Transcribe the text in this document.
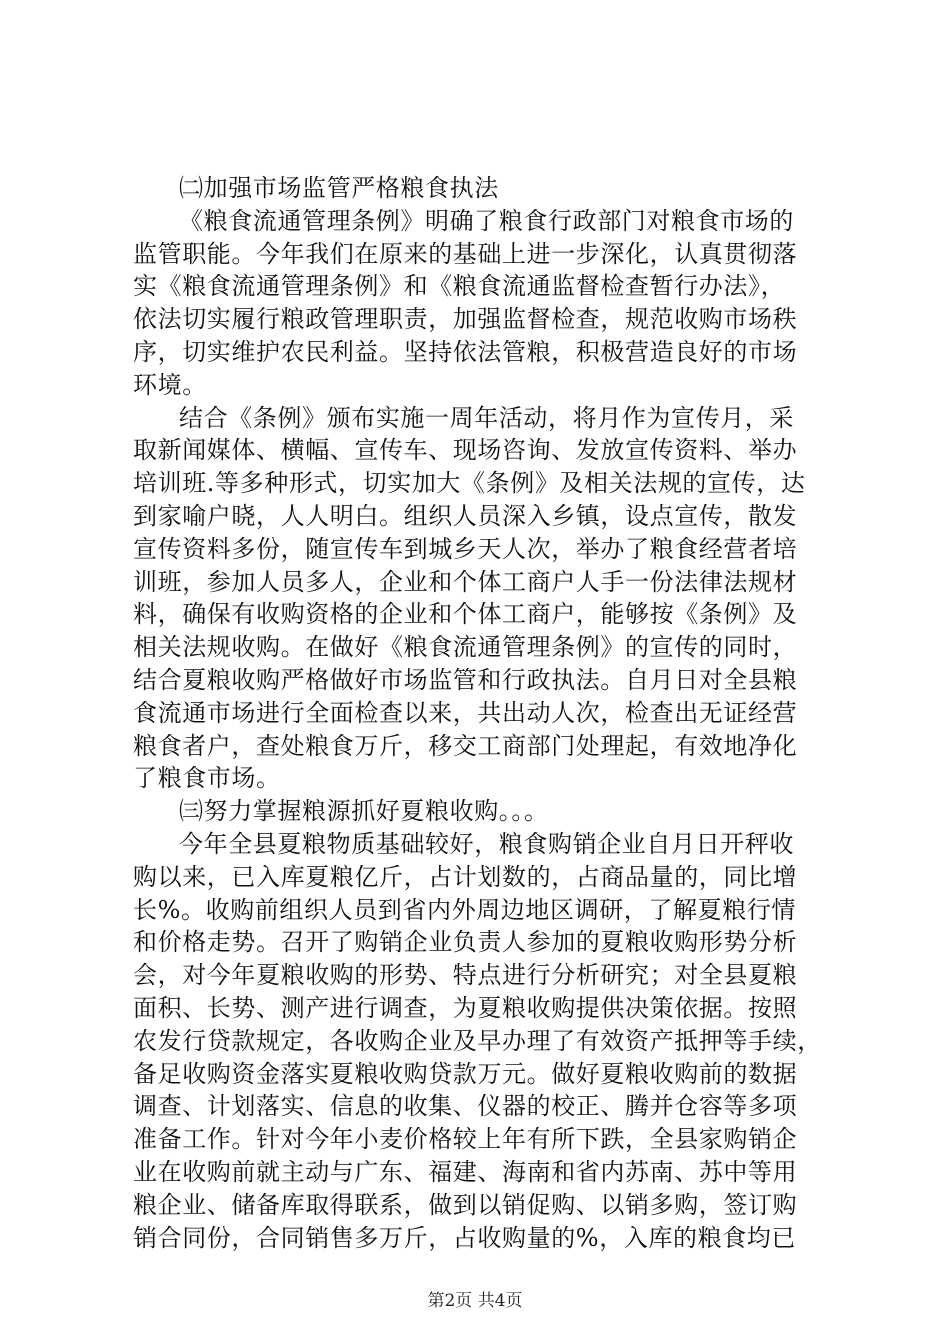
㈡加强市场监管严格粮食执法

《粮食流通管理条例》明确了粮食行政部门对粮食市场的
监管职能。今年我们在原来的基础上进一步深化，认真贯彻落
实《粮食流通管理条例》和《粮食流通监督检查暂行办法》，
依法切实履行粮政管理职责，加强监督检查，规范收购市场秩
序，切实维护农民利益。坚持依法管粮，积极营造良好的市场
环境。

结合《条例》颁布实施一周年活动，将月作为宣传月，采
取新闻媒体、横幅、宣传车、现场咨询、发放宣传资料、举办
培训班.等多种形式，切实加大《条例》及相关法规的宣传，达
到家喻户晓，人人明白。组织人员深入乡镇，设点宣传，散发
宣传资料多份，随宣传车到城乡天人次，举办了粮食经营者培
训班，参加人员多人，企业和个体工商户人手一份法律法规材
料，确保有收购资格的企业和个体工商户，能够按《条例》及
相关法规收购。在做好《粮食流通管理条例》的宣传的同时，
结合夏粮收购严格做好市场监管和行政执法。自月日对全县粮
食流通市场进行全面检查以来，共出动人次，检查出无证经营
粮食者户，查处粮食万斤，移交工商部门处理起，有效地净化
了粮食市场。

㈢努力掌握粮源抓好夏粮收购。。。

今年全县夏粮物质基础较好，粮食购销企业自月日开秤收
购以来，已入库夏粮亿斤，占计划数的，占商品量的，同比增
长%。收购前组织人员到省内外周边地区调研，了解夏粮行情
和价格走势。召开了购销企业负责人参加的夏粮收购形势分析
会，对今年夏粮收购的形势、特点进行分析研究；对全县夏粮
面积、长势、测产进行调查，为夏粮收购提供决策依据。按照
农发行贷款规定，各收购企业及早办理了有效资产抵押等手续，
备足收购资金落实夏粮收购贷款万元。做好夏粮收购前的数据
调查、计划落实、信息的收集、仪器的校正、腾并仓容等多项
准备工作。针对今年小麦价格较上年有所下跌，全县家购销企
业在收购前就主动与广东、福建、海南和省内苏南、苏中等用
粮企业、储备库取得联系，做到以销促购、以销多购，签订购
销合同份，合同销售多万斤，占收购量的%，入库的粮食均已

第2页 共4页
